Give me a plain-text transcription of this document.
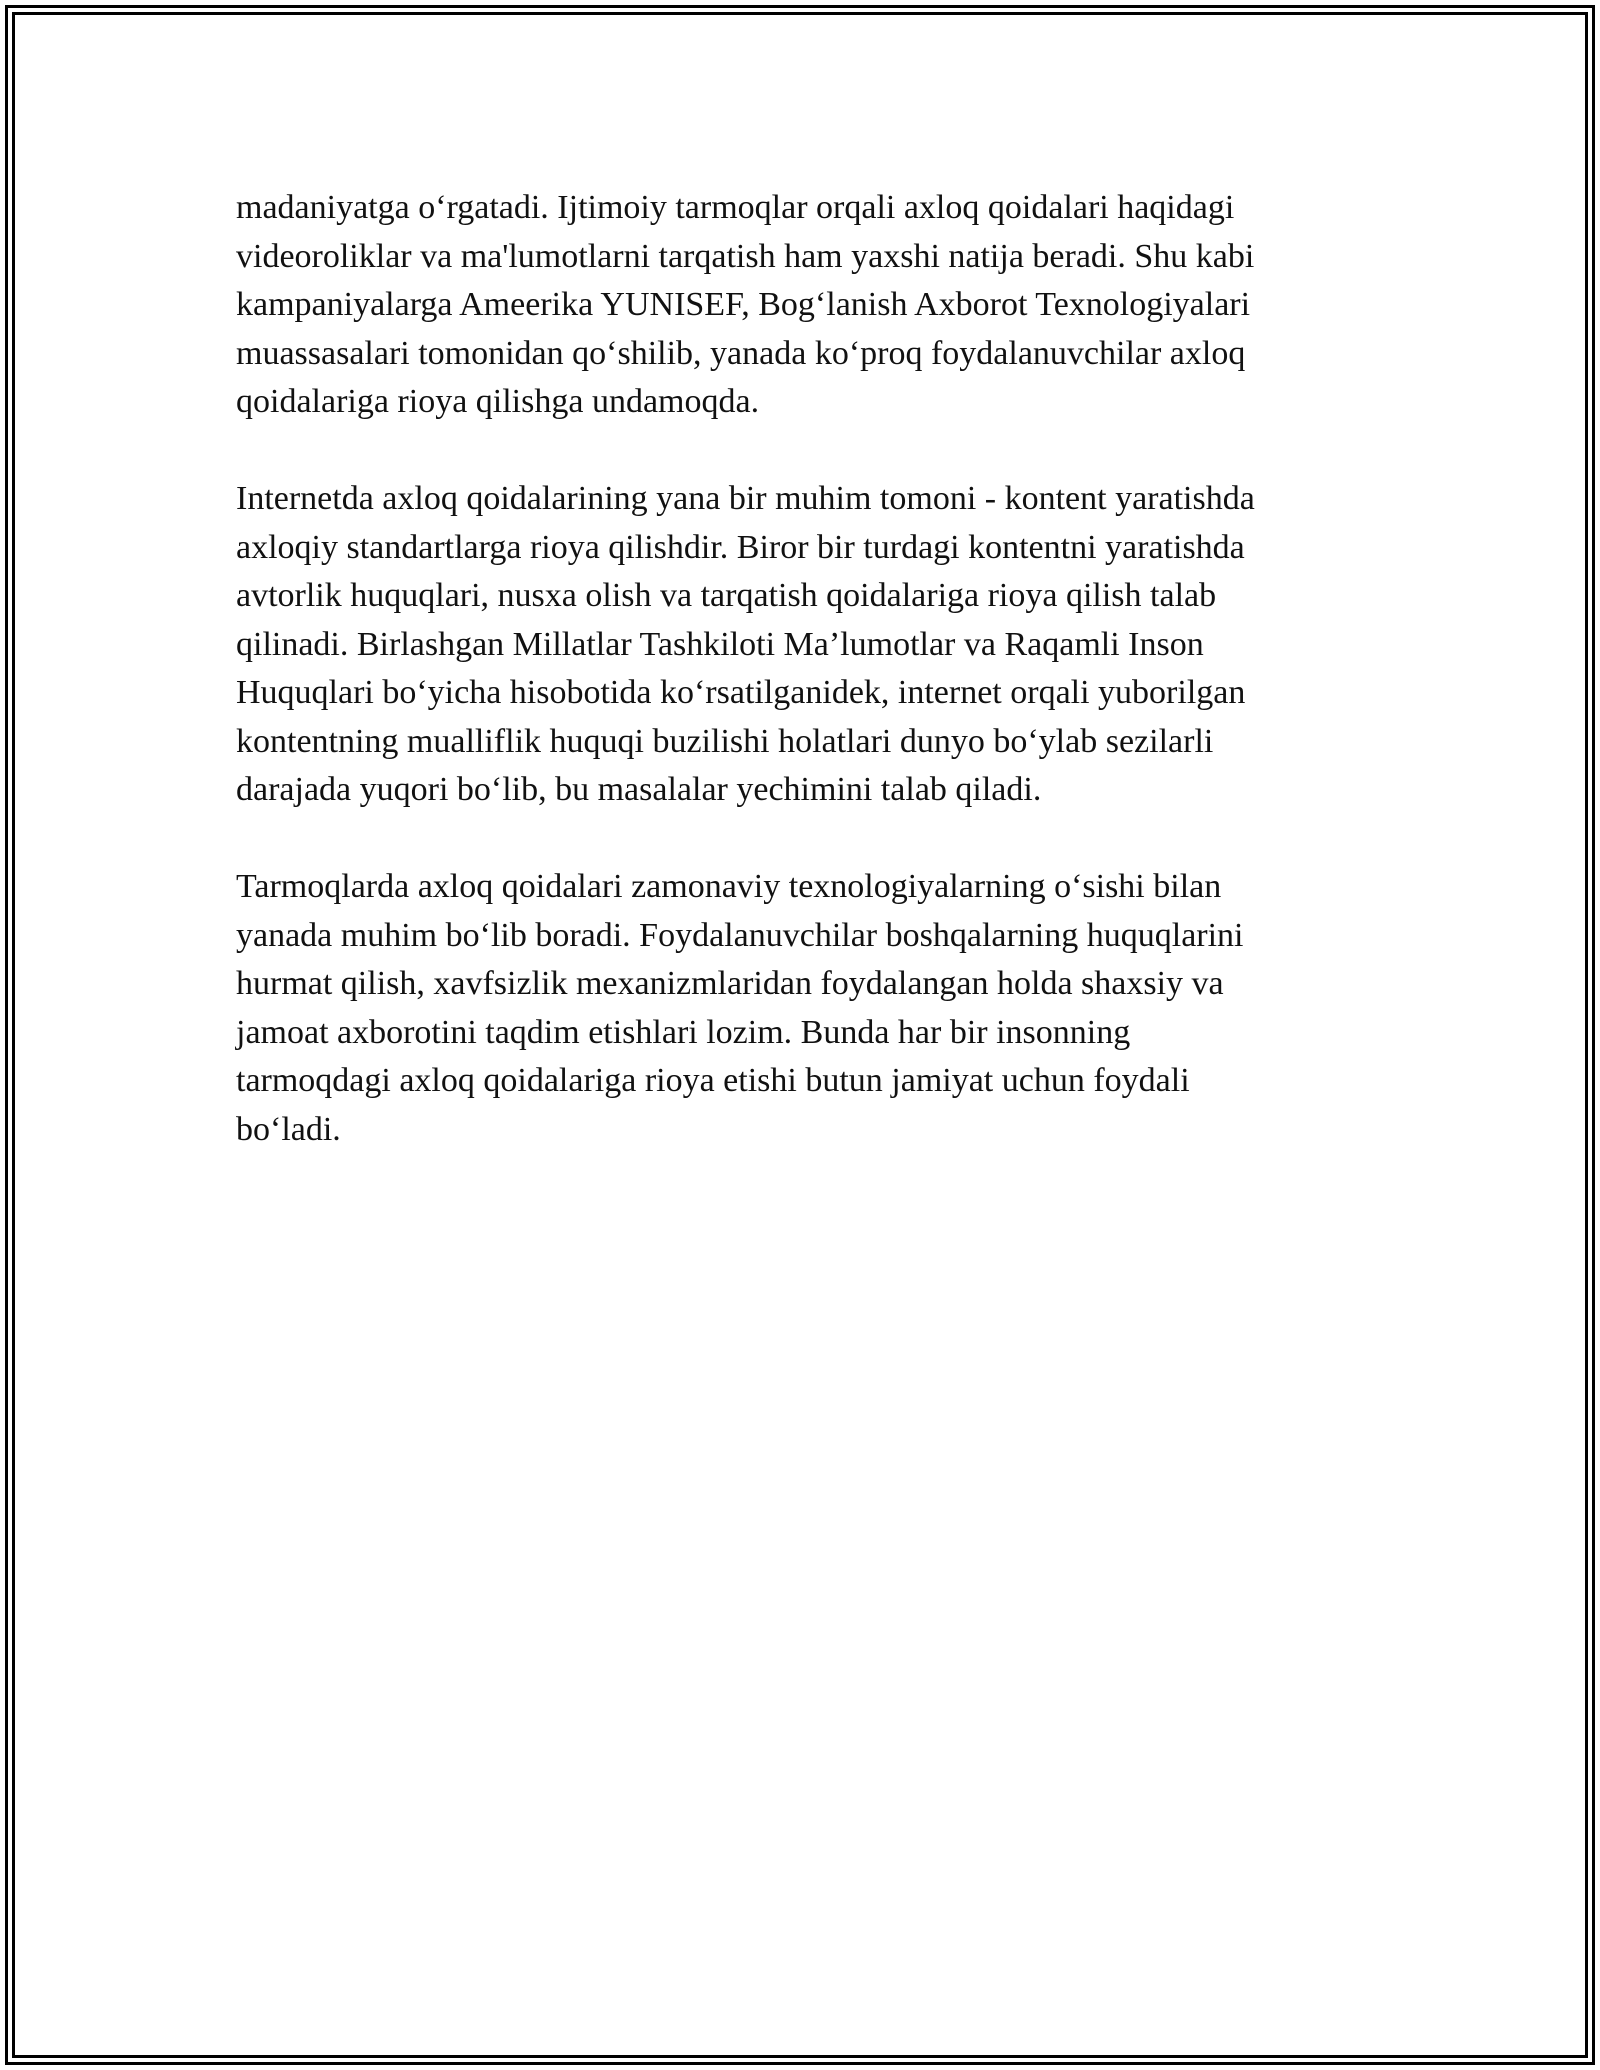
madaniyatga o‘rgatadi. Ijtimoiy tarmoqlar orqali axloq qoidalari haqidagi
videoroliklar va ma'lumotlarni tarqatish ham yaxshi natija beradi. Shu kabi
kampaniyalarga Ameerika YUNISEF, Bog‘lanish Axborot Texnologiyalari
muassasalari tomonidan qo‘shilib, yanada ko‘proq foydalanuvchilar axloq
qoidalariga rioya qilishga undamoqda.

Internetda axloq qoidalarining yana bir muhim tomoni - kontent yaratishda
axloqiy standartlarga rioya qilishdir. Biror bir turdagi kontentni yaratishda
avtorlik huquqlari, nusxa olish va tarqatish qoidalariga rioya qilish talab
qilinadi. Birlashgan Millatlar Tashkiloti Ma’lumotlar va Raqamli Inson
Huquqlari bo‘yicha hisobotida ko‘rsatilganidek, internet orqali yuborilgan
kontentning mualliflik huquqi buzilishi holatlari dunyo bo‘ylab sezilarli
darajada yuqori bo‘lib, bu masalalar yechimini talab qiladi.

Tarmoqlarda axloq qoidalari zamonaviy texnologiyalarning o‘sishi bilan
yanada muhim bo‘lib boradi. Foydalanuvchilar boshqalarning huquqlarini
hurmat qilish, xavfsizlik mexanizmlaridan foydalangan holda shaxsiy va
jamoat axborotini taqdim etishlari lozim. Bunda har bir insonning
tarmoqdagi axloq qoidalariga rioya etishi butun jamiyat uchun foydali
bo‘ladi.
